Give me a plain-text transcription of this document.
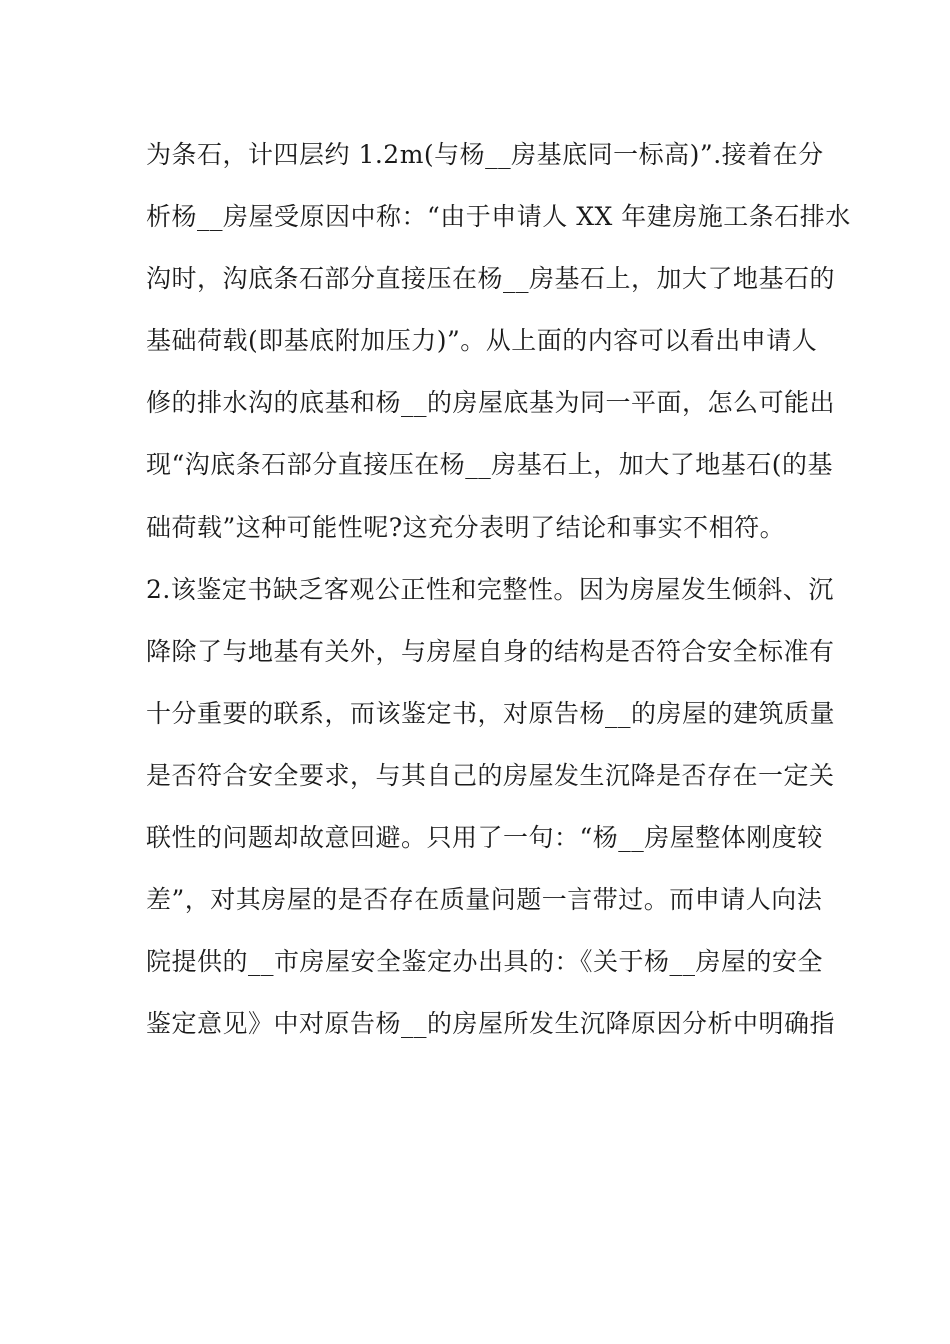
为条石，计四层约 1.2m(与杨__房基底同一标高)”.接着在分
析杨__房屋受原因中称：“由于申请人 XX 年建房施工条石排水
沟时，沟底条石部分直接压在杨__房基石上，加大了地基石的
基础荷载(即基底附加压力)”。从上面的内容可以看出申请人
修的排水沟的底基和杨__的房屋底基为同一平面，怎么可能出
现“沟底条石部分直接压在杨__房基石上，加大了地基石(的基
础荷载”这种可能性呢?这充分表明了结论和事实不相符。
2.该鉴定书缺乏客观公正性和完整性。因为房屋发生倾斜、沉
降除了与地基有关外，与房屋自身的结构是否符合安全标准有
十分重要的联系，而该鉴定书，对原告杨__的房屋的建筑质量
是否符合安全要求，与其自己的房屋发生沉降是否存在一定关
联性的问题却故意回避。只用了一句：“杨__房屋整体刚度较
差”，对其房屋的是否存在质量问题一言带过。而申请人向法
院提供的__市房屋安全鉴定办出具的：《关于杨__房屋的安全
鉴定意见》中对原告杨__的房屋所发生沉降原因分析中明确指
